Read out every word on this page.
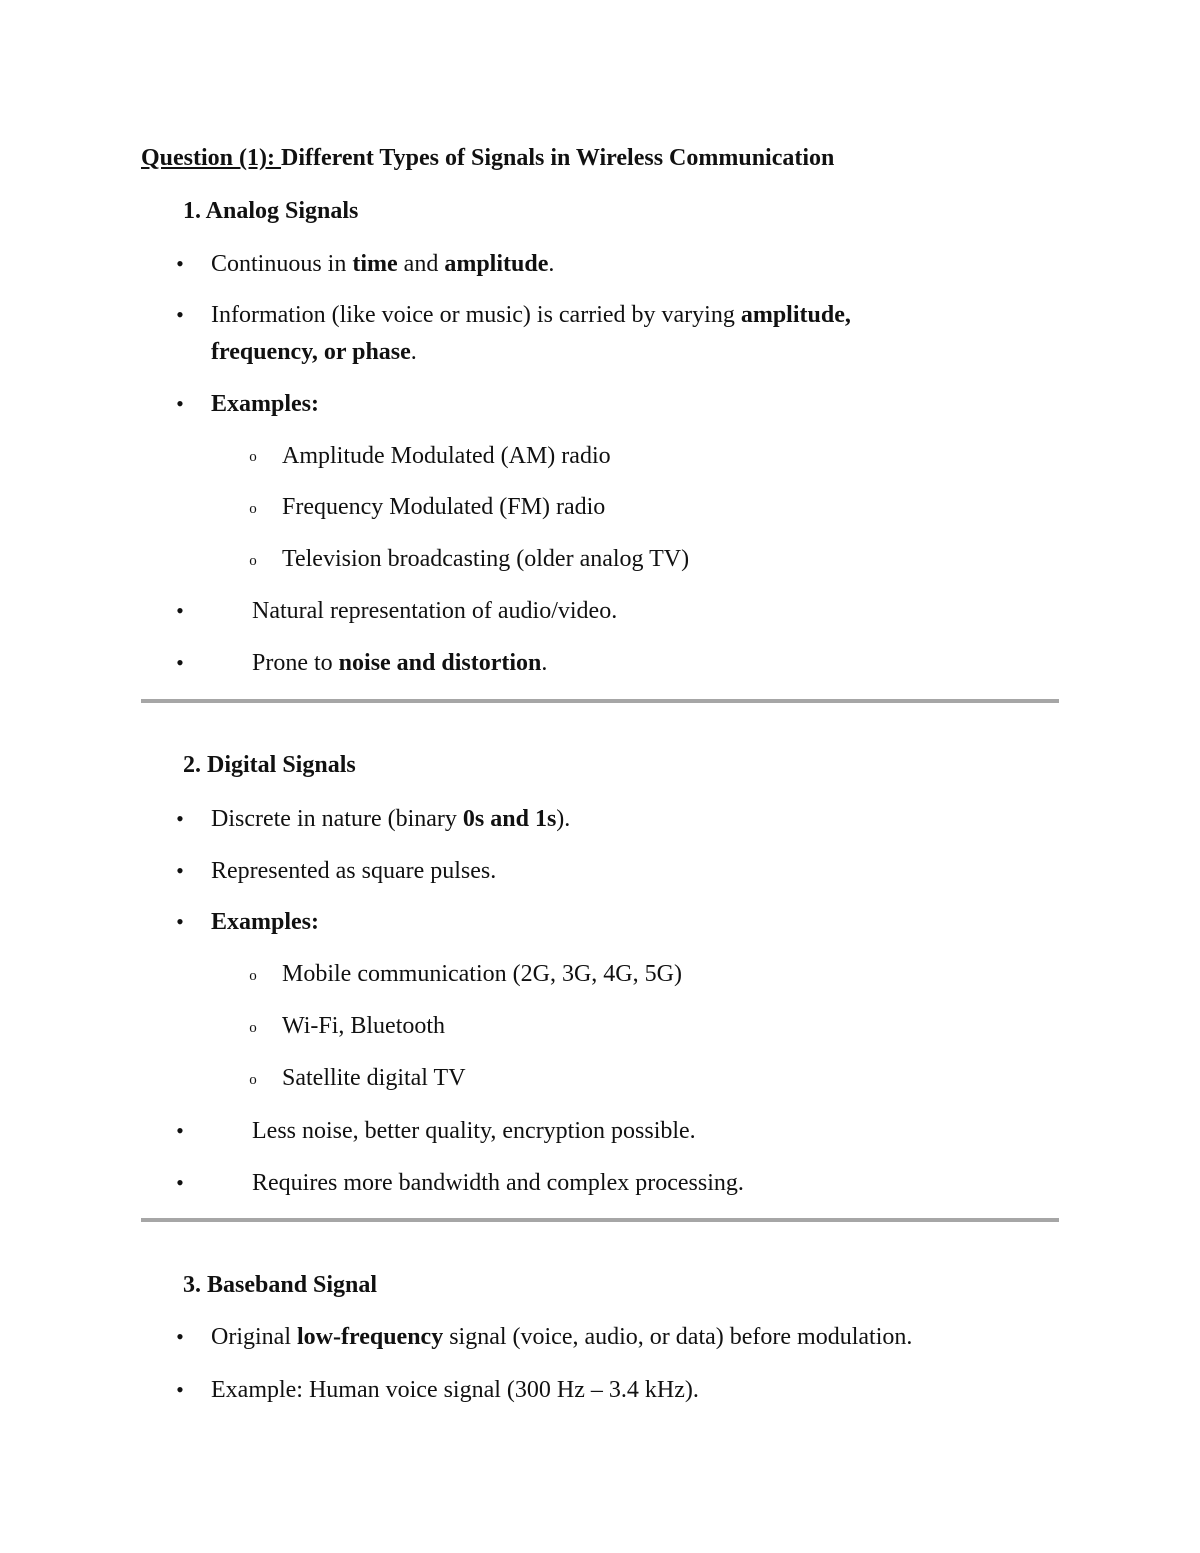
Question (1): Different Types of Signals in Wireless Communication
1. Analog Signals
• Continuous in time and amplitude.
• Information (like voice or music) is carried by varying amplitude,
frequency, or phase.
• Examples:
o Amplitude Modulated (AM) radio
o Frequency Modulated (FM) radio
o Television broadcasting (older analog TV)
•	Natural representation of audio/video.
•	Prone to noise and distortion.
2. Digital Signals
• Discrete in nature (binary 0s and 1s).
• Represented as square pulses.
• Examples:
o Mobile communication (2G, 3G, 4G, 5G)
o Wi-Fi, Bluetooth
o Satellite digital TV
•	Less noise, better quality, encryption possible.
•	Requires more bandwidth and complex processing.
3. Baseband Signal
• Original low-frequency signal (voice, audio, or data) before modulation.
• Example: Human voice signal (300 Hz – 3.4 kHz).
